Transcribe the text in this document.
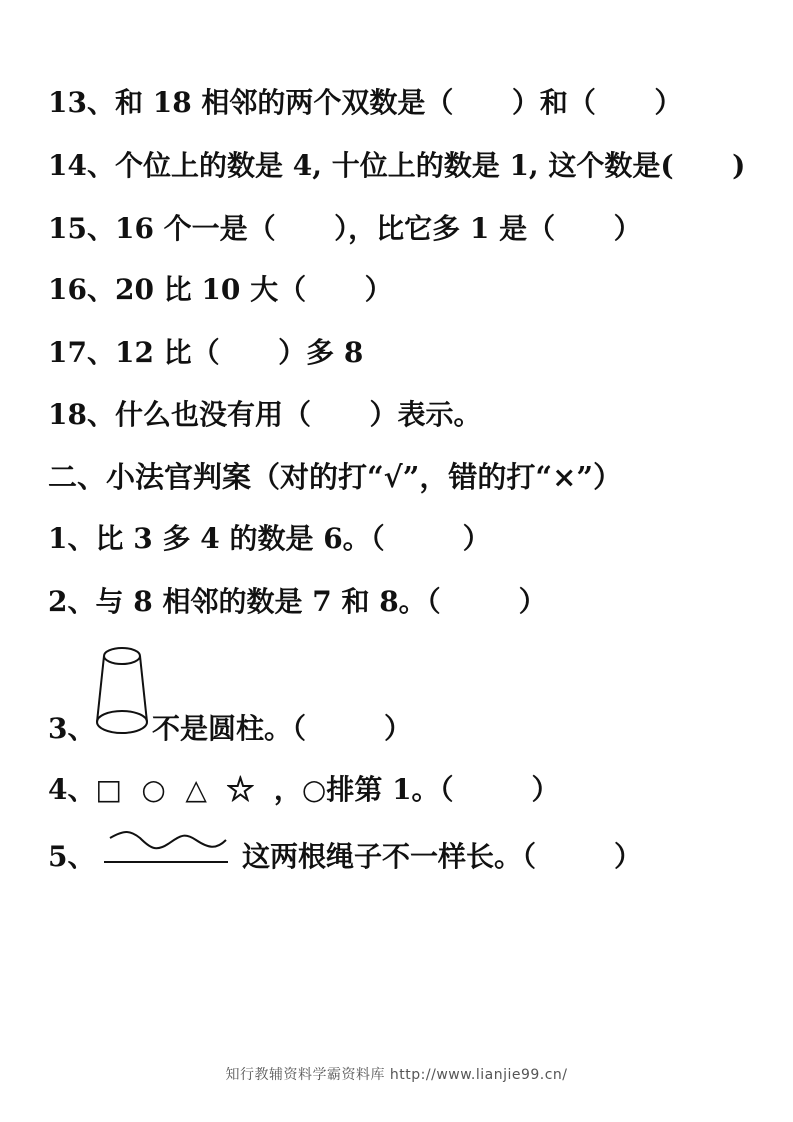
13、和 18 相邻的两个双数是（      ）和（      ）
14、个位上的数是 4, 十位上的数是 1, 这个数是(      )
15、16 个一是（      ），比它多 1 是（      ）
16、20 比 10 大（      ）
17、12 比（      ）多 8
18、什么也没有用（      ）表示。
二、小法官判案（对的打“√”，错的打“×”）
1、比 3 多 4 的数是 6。（        ）
2、与 8 相邻的数是 7 和 8。（        ）
3、 不是圆柱。（        ）
4、□  ○  △  ☆  ，○排第 1。（        ）
5、	这两根绳子不一样长。（        ）
知行教辅资料学霸资料库 http://www.lianjie99.cn/
